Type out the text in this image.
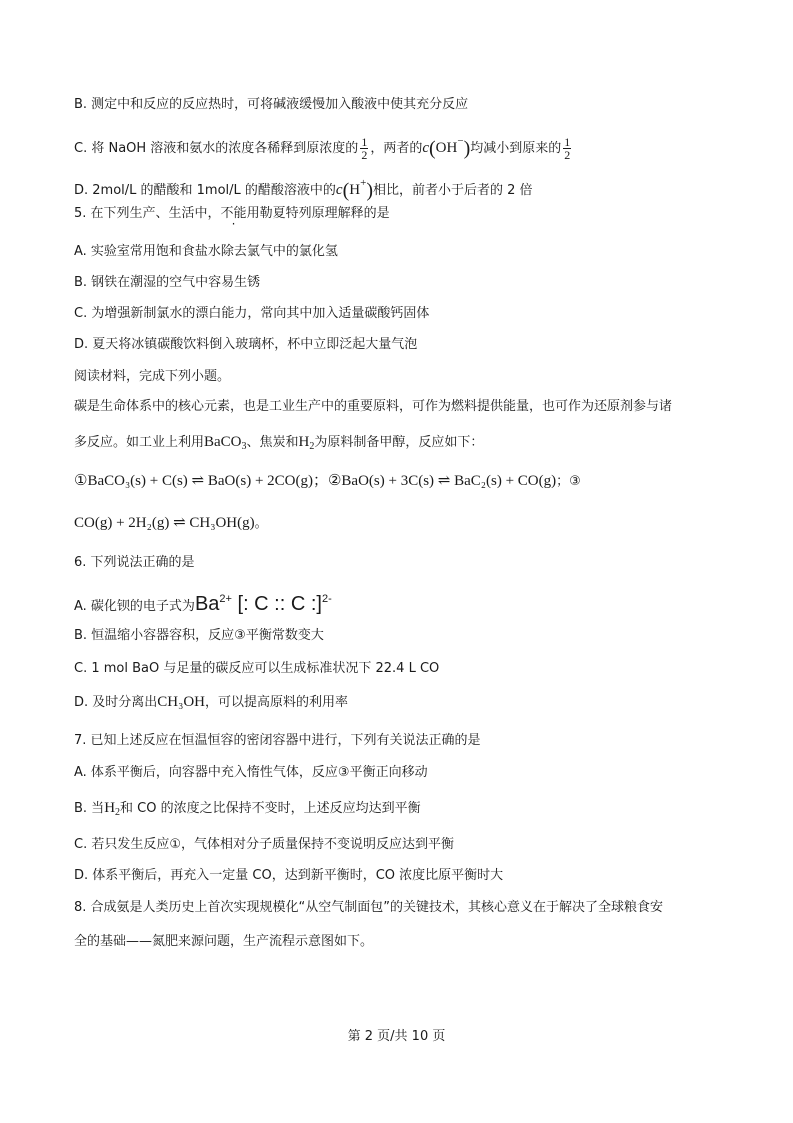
B. 测定中和反应的反应热时，可将碱液缓慢加入酸液中使其充分反应
C. 将 NaOH 溶液和氨水的浓度各稀释到原浓度的 $\frac{1}{2}$ ，两者的c(OH−)均减小到原来的 $\frac{1}{2}$
D. 2mol/L 的醋酸和 1mol/L 的醋酸溶液中的c(H+)相比，前者小于后者的 2 倍
5. 在下列生产、生活中，不能用勒夏特列原理解释的是
A. 实验室常用饱和食盐水除去氯气中的氯化氢
B. 钢铁在潮湿的空气中容易生锈
C. 为增强新制氯水的漂白能力，常向其中加入适量碳酸钙固体
D. 夏天将冰镇碳酸饮料倒入玻璃杯，杯中立即泛起大量气泡
阅读材料，完成下列小题。
碳是生命体系中的核心元素，也是工业生产中的重要原料，可作为燃料提供能量，也可作为还原剂参与诸
多反应。如工业上利用BaCO$_3$、焦炭和$H_2$为原料制备甲醇，反应如下：
①BaCO₃(s) + C(s) ⇌ BaO(s) + 2CO(g)；②BaO(s) + 3C(s) ⇌ BaC₂(s) + CO(g)；③
CO(g) + 2H₂(g) ⇌ CH₃OH(g)。
6. 下列说法正确的是
A. 碳化钡的电子式为$Ba^{2+}$ [: C :: C :]$^{2-}$
B. 恒温缩小容器容积，反应③平衡常数变大
C. 1 mol BaO 与足量的碳反应可以生成标准状况下 22.4 L CO
D. 及时分离出CH₃OH，可以提高原料的利用率
7. 已知上述反应在恒温恒容的密闭容器中进行，下列有关说法正确的是
A. 体系平衡后，向容器中充入惰性气体，反应③平衡正向移动
B. 当$H_2$和 CO 的浓度之比保持不变时，上述反应均达到平衡
C. 若只发生反应①，气体相对分子质量保持不变说明反应达到平衡
D. 体系平衡后，再充入一定量 CO，达到新平衡时，CO 浓度比原平衡时大
8. 合成氨是人类历史上首次实现规模化“从空气制面包”的关键技术，其核心意义在于解决了全球粮食安
全的基础——氮肥来源问题，生产流程示意图如下。
第 2 页/共 10 页
